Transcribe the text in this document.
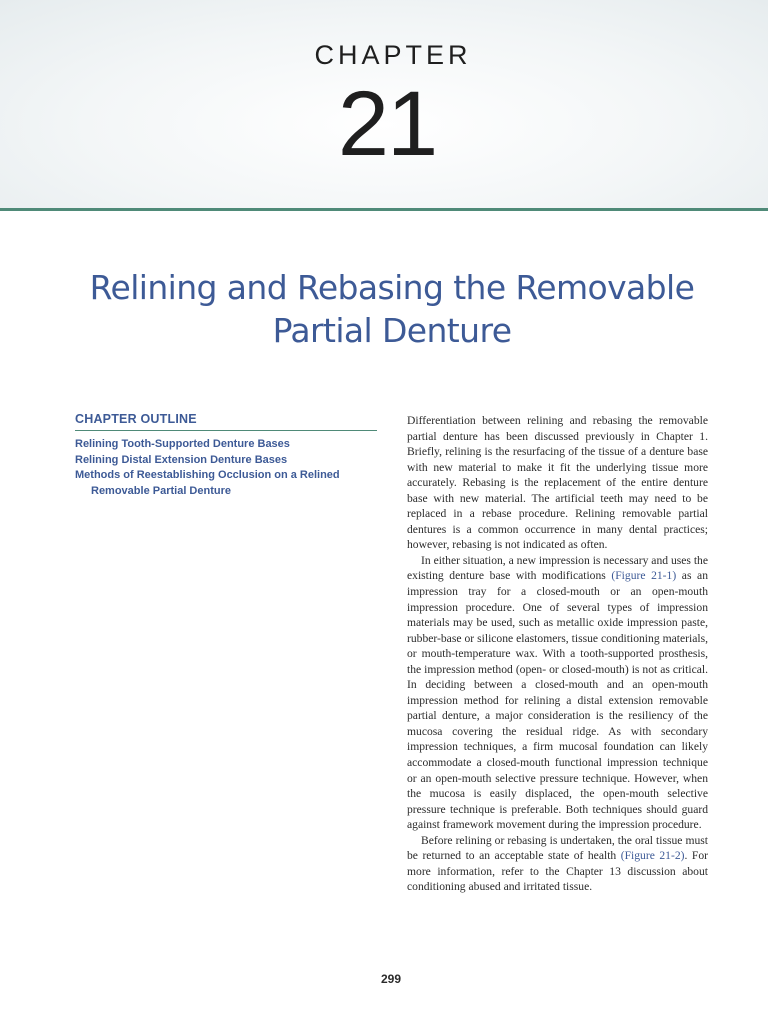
CHAPTER
21
Relining and Rebasing the Removable
Partial Denture
CHAPTER OUTLINE
Relining Tooth-Supported Denture Bases
Relining Distal Extension Denture Bases
Methods of Reestablishing Occlusion on a Relined Removable Partial Denture

Differentiation between relining and rebasing the removable partial denture has been discussed previously in Chapter 1. Briefly, relining is the resurfacing of the tissue of a denture base with new material to make it fit the underlying tissue more accurately. Rebasing is the replacement of the entire denture base with new material. The artificial teeth may need to be replaced in a rebase procedure. Relining removable partial dentures is a common occurrence in many dental practices; however, rebasing is not indicated as often.

In either situation, a new impression is necessary and uses the existing denture base with modifications (Figure 21-1) as an impression tray for a closed-mouth or an open-mouth impression procedure. One of several types of impression materials may be used, such as metallic oxide impression paste, rubber-base or silicone elastomers, tissue conditioning materials, or mouth-temperature wax. With a tooth-supported prosthesis, the impression method (open- or closed-mouth) is not as critical. In deciding between a closed-mouth and an open-mouth impression method for relining a distal extension removable partial denture, a major consideration is the resiliency of the mucosa covering the residual ridge. As with secondary impression techniques, a firm mucosal foundation can likely accommodate a closed-mouth functional impression technique or an open-mouth selective pressure technique. However, when the mucosa is easily displaced, the open-mouth selective pressure technique is preferable. Both techniques should guard against framework movement during the impression procedure.

Before relining or rebasing is undertaken, the oral tissue must be returned to an acceptable state of health (Figure 21-2). For more information, refer to the Chapter 13 discussion about conditioning abused and irritated tissue.

299
